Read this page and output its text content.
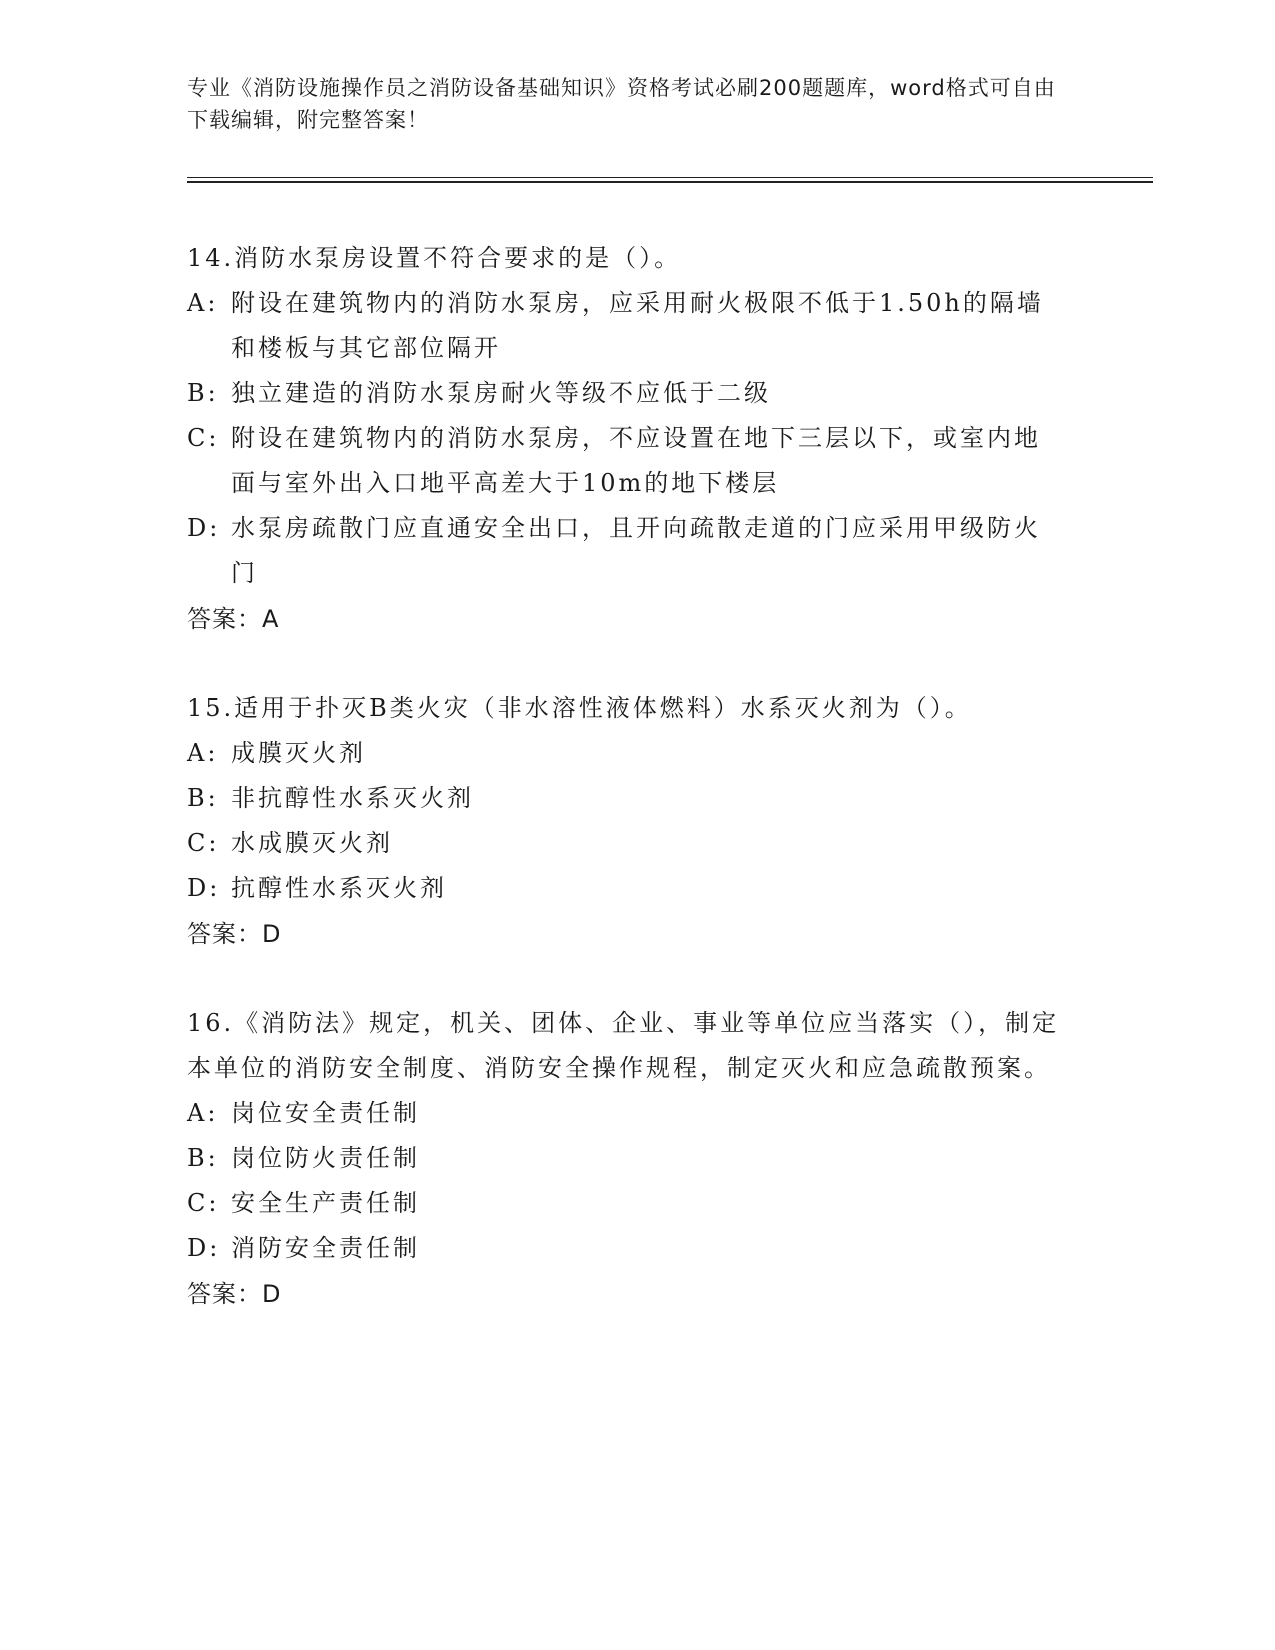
专业《消防设施操作员之消防设备基础知识》资格考试必刷200题题库，word格式可自由下载编辑，附完整答案！

14.消防水泵房设置不符合要求的是（）。

A: 附设在建筑物内的消防水泵房，应采用耐火极限不低于1.50h的隔墙和楼板与其它部位隔开

B: 独立建造的消防水泵房耐火等级不应低于二级

C: 附设在建筑物内的消防水泵房，不应设置在地下三层以下，或室内地面与室外出入口地平高差大于10m的地下楼层

D: 水泵房疏散门应直通安全出口，且开向疏散走道的门应采用甲级防火门

答案：A

15.适用于扑灭B类火灾（非水溶性液体燃料）水系灭火剂为（）。

A: 成膜灭火剂

B: 非抗醇性水系灭火剂

C: 水成膜灭火剂

D: 抗醇性水系灭火剂

答案：D

16.《消防法》规定，机关、团体、企业、事业等单位应当落实（），制定本单位的消防安全制度、消防安全操作规程，制定灭火和应急疏散预案。

A: 岗位安全责任制

B: 岗位防火责任制

C: 安全生产责任制

D: 消防安全责任制

答案：D
